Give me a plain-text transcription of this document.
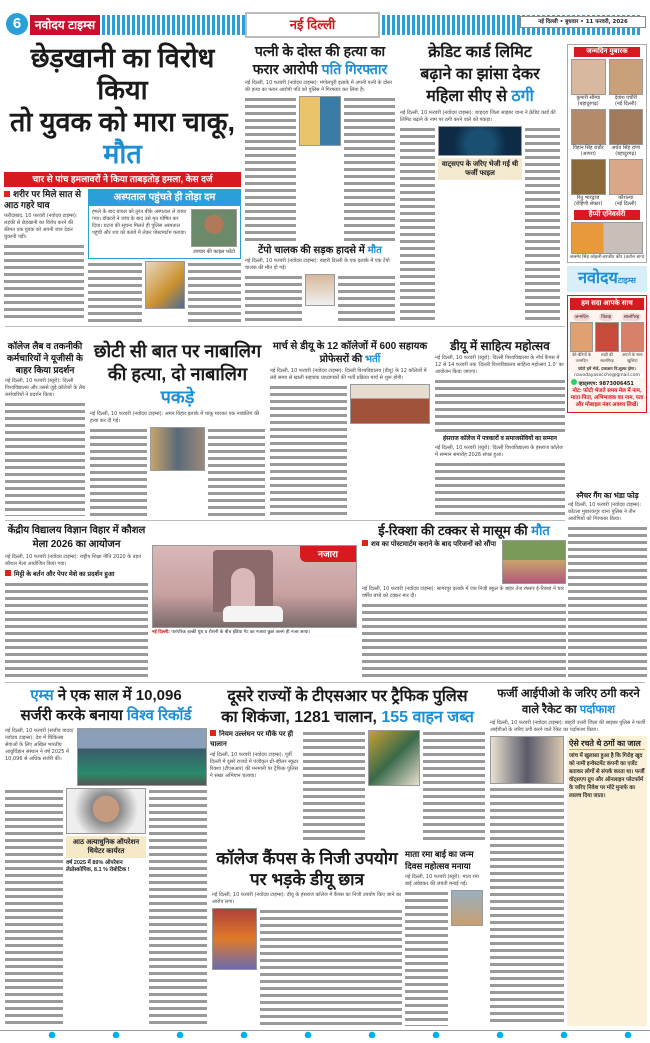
6	नवोदय टाइम्स	नई दिल्ली	नई दिल्ली • बुधवार • 11 फरवरी, 2026
छेड़खानी का विरोध किया
तो युवक को मारा चाकू, मौत
चार से पांच हमलावरों ने किया ताबड़तोड़ हमला, केस दर्ज
शरीर पर मिले सात से आठ गहरे घाव

फरीदाबाद, 10 फरवरी (नवोदय टाइम्स): लड़की से छेड़खानी का विरोध करने की कीमत एक युवक को अपनी जान देकर चुकानी पड़ी।

अस्पताल पहुंचते ही तोड़ा दम
हमले के बाद घायल को तुरंत बीके अस्पताल ले जाया गया। डॉक्टरों ने जांच के बाद उसे मृत घोषित कर दिया। घटना की सूचना मिलते ही पुलिस अस्पताल पहुंची और शव को कब्जे में लेकर पोस्टमार्टम कराया।
उपचार की फाइल फोटो
पत्नी के दोस्त की हत्या का फरार आरोपी पति गिरफ्तार

नई दिल्ली, 10 फरवरी (नवोदय टाइम्स): मंगोलपुरी इलाके में अपनी पत्नी के दोस्त की हत्या का फरार आरोपी पति को पुलिस ने गिरफ्तार कर लिया है।

टेंपो चालक की सड़क हादसे में मौत

नई दिल्ली, 10 फरवरी (नवोदय टाइम्स): बाहरी दिल्ली के एक इलाके में एक टेंपो चालक की मौत हो गई।

क्रेडिट कार्ड लिमिट
बढ़ाने का झांसा देकर
महिला सीए से ठगी

नई दिल्ली, 10 फरवरी (नवोदय टाइम्स): शाहदरा जिला साइबर थाना ने क्रेडिट कार्ड की लिमिट बढ़ाने के नाम पर ठगी करने वाले को पकड़ा।

वाट्सएप के जरिए भेजी गई थी फर्जी फाइल
जन्मदिन मुबारक
कुमारी सौम्या
(बहादुरगढ़)
देवांश पचौरी
(नई दिल्ली)
विहान सिंह राठौर
(आगरा)
अर्थव सिंह राणा
(बहादुरगढ़)
रितु भारद्वाज
(रोहिणी सेक्टर)
कौशल्या
(नई दिल्ली)
हैप्पी एनिवर्सरी
अजमेर सिंह कोहली-हरजीत कौर (करोल बाग)
नवोदयटाइम्स
हम सदा आपके साथ
जन्मदिन	विवाह	सालगिरह
बेटे-बेटियों के जन्मदिन
शादी की सालगिरह
अपनों के साथ खुशियां
फोटो हमें भेजें, प्रकाशन नि:शुल्क होगा।
navodayasocche@gmail.com
व्हाट्सएप: 9873006451
नोट: फोटो भेजते समय मेल में नाम, माता-पिता, अभिभावक का नाम, पता और मोबाइल नंबर अवश्य लिखें।
स्नैचर गैंग का भंडा फोड़

नई दिल्ली, 10 फरवरी (नवोदय टाइम्स): कोटला मुबारकपुर थाना पुलिस ने तीन आरोपियों को गिरफ्तार किया।

कॉलेज लैब व तकनीकी कर्मचारियों ने यूजीसी के बाहर किया प्रदर्शन

नई दिल्ली, 10 फरवरी (ब्यूरो): दिल्ली विश्वविद्यालय और उससे जुड़े कॉलेजों के लैब कर्मचारियों ने प्रदर्शन किया।

छोटी सी बात पर नाबालिग की हत्या, दो नाबालिग पकड़े

नई दिल्ली, 10 फरवरी (नवोदय टाइम्स): अमन विहार इलाके में चाकू मारकर एक नाबालिग की हत्या कर दी गई।

मार्च से डीयू के 12 कॉलेजों में 600 सहायक प्रोफेसरों की भर्ती

नई दिल्ली, 10 फरवरी (नवोदय टाइम्स): दिल्ली विश्वविद्यालय (डीयू) के 12 कॉलेजों में लंबे समय से खाली सहायक प्राध्यापकों की भर्ती प्रक्रिया मार्च से शुरू होगी।

डीयू में साहित्य महोत्सव

नई दिल्ली, 10 फरवरी (ब्यूरो): दिल्ली विश्वविद्यालय के नॉर्थ कैंपस में 12 से 14 फरवरी तक 'दिल्ली विश्वविद्यालय साहित्य महोत्सव 1.0' का आयोजन किया जाएगा।

हंसराज कॉलेज में पत्रकारों व समाजसेवियों का सम्मान

नई दिल्ली, 10 फरवरी (ब्यूरो): दिल्ली विश्वविद्यालय के हंसराज कॉलेज में सम्मान समारोह 2026 संपन्न हुआ।

केंद्रीय विद्यालय विज्ञान विहार में कौशल मेला 2026 का आयोजन

नई दिल्ली, 10 फरवरी (नवोदय टाइम्स): राष्ट्रीय शिक्षा नीति 2020 के तहत कौशल मेला आयोजित किया गया।

मिट्टी के बर्तन और पेपर मेशे का प्रदर्शन हुआ
नजारा
नई दिल्ली: पारंपरिक हल्की धुंध व रोशनी के बीच इंडिया गेट का नजारा कुछ अलग ही नजर आया।
ई-रिक्शा की टक्कर से मासूम की मौत
शव का पोस्टमार्टम कराने के बाद परिजनों को सौंपा

नई दिल्ली, 10 फरवरी (नवोदय टाइम्स): सागरपुर इलाके में एक निजी स्कूल के बाहर तेज रफ्तार ई-रिक्शा ने चार वर्षीय बच्चे को टक्कर मार दी।

एम्स ने एक साल में 10,096
सर्जरी करके बनाया विश्व रिकॉर्ड

नई दिल्ली, 10 फरवरी (संजीव यादव/ नवोदय टाइम्स): देश में चिकित्सा सेवाओं के लिए अखिल भारतीय आयुर्विज्ञान संस्थान ने वर्ष 2025 में 10,096 से अधिक सर्जरी की।

आठ अत्याधुनिक ऑपरेशन थियेटर कार्यरत
वर्ष 2025 में 89% ऑपरेशन लेप्रोस्कोपिक, 8.1 % रोबोटिक !
दूसरे राज्यों के टीएसआर पर ट्रैफिक पुलिस
का शिकंजा, 1281 चालान, 155 वाहन जब्त
नियम उल्लंघन पर मौके पर ही चालान

नई दिल्ली, 10 फरवरी (नवोदय टाइम्स): पूर्वी दिल्ली में दूसरे राज्यों में पंजीकृत थ्री-व्हीलर स्कूटर रिक्शा (टीएसआर) की मनमानी पर ट्रैफिक पुलिस ने सख्त अभियान चलाया।

कॉलेज कैंपस के निजी उपयोग पर भड़के डीयू छात्र

नई दिल्ली, 10 फरवरी (नवोदय टाइम्स): डीयू के हंसराज कॉलेज में कैंपस का निजी उपयोग किए जाने का आरोप लगा।

माता रमा बाई का जन्म दिवस महोत्सव मनाया

नई दिल्ली, 10 फरवरी (ब्यूरो): माता रमा बाई अंबेडकर की जयंती मनाई गई।

फर्जी आईपीओ के जरिए ठगी करने वाले रैकेट का पर्दाफाश

नई दिल्ली, 10 फरवरी (नवोदय टाइम्स): बाहरी उत्तरी जिला की साइबर पुलिस ने फर्जी आईपीओ के जरिए ठगी करने वाले रैकेट का पर्दाफाश किया।

ऐसे रचते थे ठगों का जाल
जांच में खुलासा हुआ है कि गिरोह खुद को नामी इन्वेस्टमेंट कंपनी का एजेंट बताकर लोगों से संपर्क करता था। फर्जी वॉट्सएप ग्रुप और ऑनलाइन प्लेटफॉर्म के जरिए निवेश पर मोटे मुनाफे का लालच दिया जाता।
